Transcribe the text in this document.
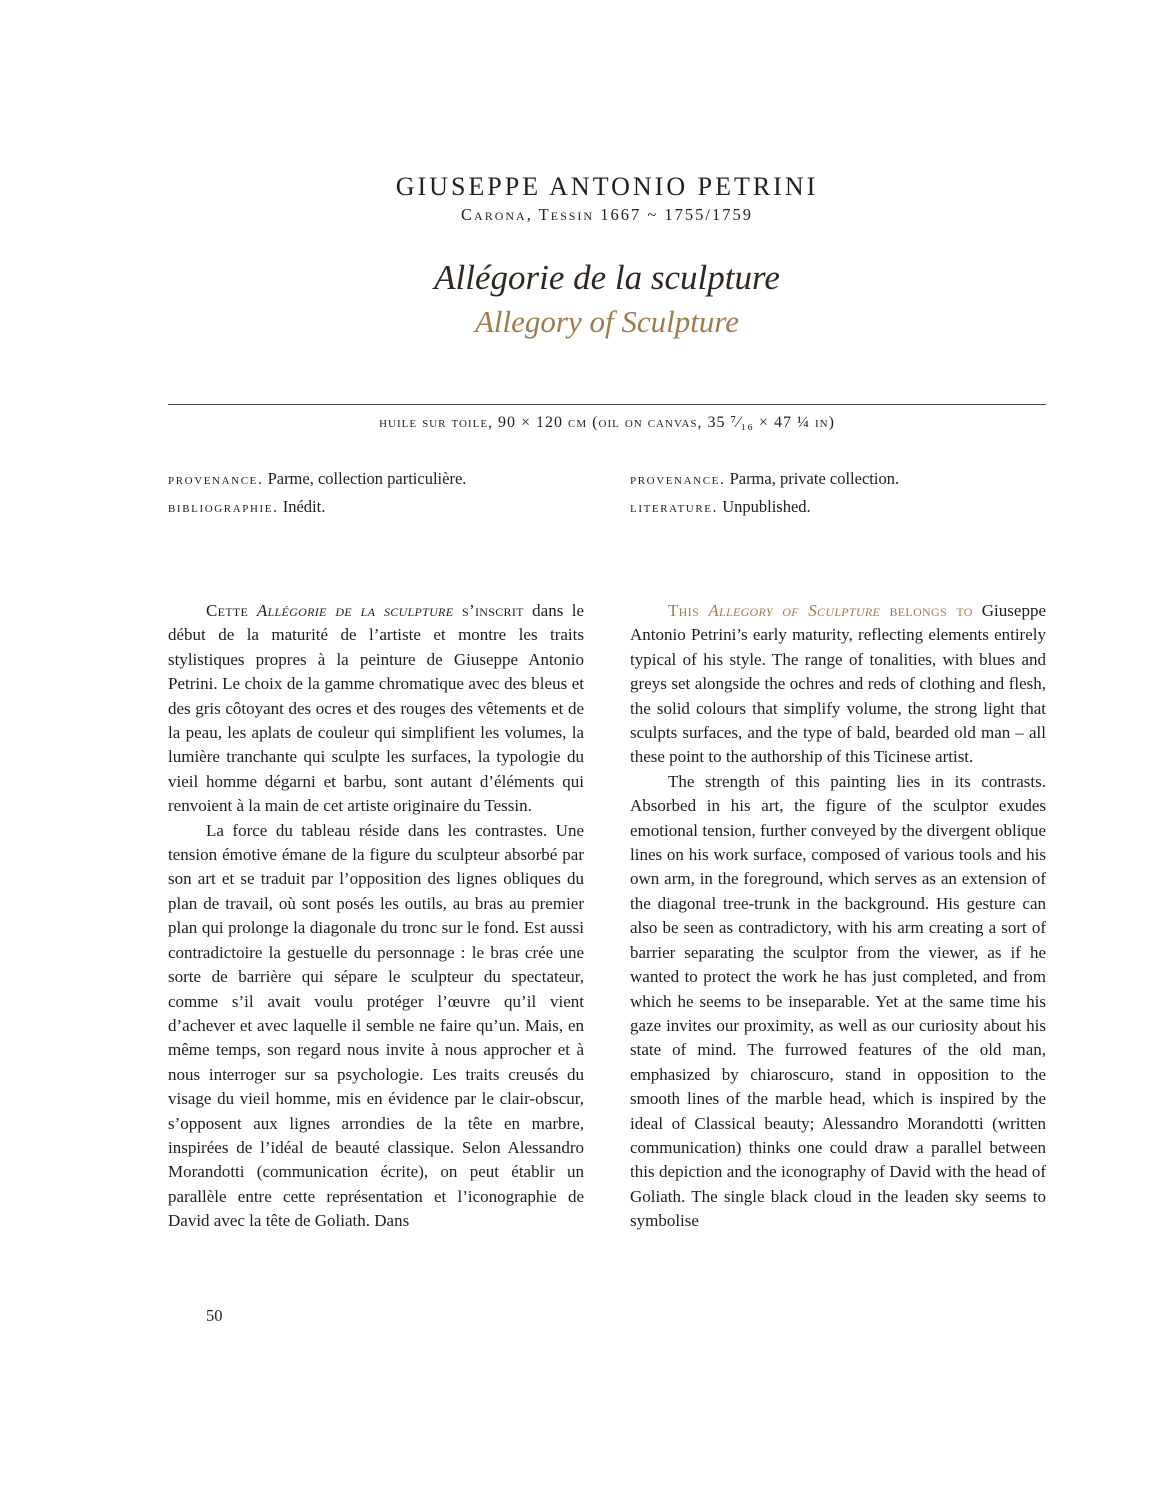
GIUSEPPE ANTONIO PETRINI
Carona, Tessin 1667 ~ 1755/1759
Allégorie de la sculpture
Allegory of Sculpture
huile sur toile, 90 × 120 cm (oil on canvas, 35 ⁷⁄₁₆ × 47 ¼ in)
provenance. Parme, collection particulière.
bibliographie. Inédit.
provenance. Parma, private collection.
literature. Unpublished.

Cette Allégorie de la sculpture s’inscrit dans le début de la maturité de l’artiste et montre les traits stylistiques propres à la peinture de Giuseppe Antonio Petrini. Le choix de la gamme chromatique avec des bleus et des gris côtoyant des ocres et des rouges des vêtements et de la peau, les aplats de couleur qui simplifient les volumes, la lumière tranchante qui sculpte les surfaces, la typologie du vieil homme dégarni et barbu, sont autant d’éléments qui renvoient à la main de cet artiste originaire du Tessin.

La force du tableau réside dans les contrastes. Une tension émotive émane de la figure du sculpteur absorbé par son art et se traduit par l’opposition des lignes obliques du plan de travail, où sont posés les outils, au bras au premier plan qui prolonge la diagonale du tronc sur le fond. Est aussi contradictoire la gestuelle du personnage : le bras crée une sorte de barrière qui sépare le sculpteur du spectateur, comme s’il avait voulu protéger l’œuvre qu’il vient d’achever et avec laquelle il semble ne faire qu’un. Mais, en même temps, son regard nous invite à nous approcher et à nous interroger sur sa psychologie. Les traits creusés du visage du vieil homme, mis en évidence par le clair-obscur, s’opposent aux lignes arrondies de la tête en marbre, inspirées de l’idéal de beauté classique. Selon Alessandro Morandotti (communication écrite), on peut établir un parallèle entre cette représentation et l’iconographie de David avec la tête de Goliath. Dans

This Allegory of Sculpture belongs to Giuseppe Antonio Petrini’s early maturity, reflecting elements entirely typical of his style. The range of tonalities, with blues and greys set alongside the ochres and reds of clothing and flesh, the solid colours that simplify volume, the strong light that sculpts surfaces, and the type of bald, bearded old man – all these point to the authorship of this Ticinese artist.

The strength of this painting lies in its contrasts. Absorbed in his art, the figure of the sculptor exudes emotional tension, further conveyed by the divergent oblique lines on his work surface, composed of various tools and his own arm, in the foreground, which serves as an extension of the diagonal tree-trunk in the background. His gesture can also be seen as contradictory, with his arm creating a sort of barrier separating the sculptor from the viewer, as if he wanted to protect the work he has just completed, and from which he seems to be inseparable. Yet at the same time his gaze invites our proximity, as well as our curiosity about his state of mind. The furrowed features of the old man, emphasized by chiaroscuro, stand in opposition to the smooth lines of the marble head, which is inspired by the ideal of Classical beauty; Alessandro Morandotti (written communication) thinks one could draw a parallel between this depiction and the iconography of David with the head of Goliath. The single black cloud in the leaden sky seems to symbolise

50
